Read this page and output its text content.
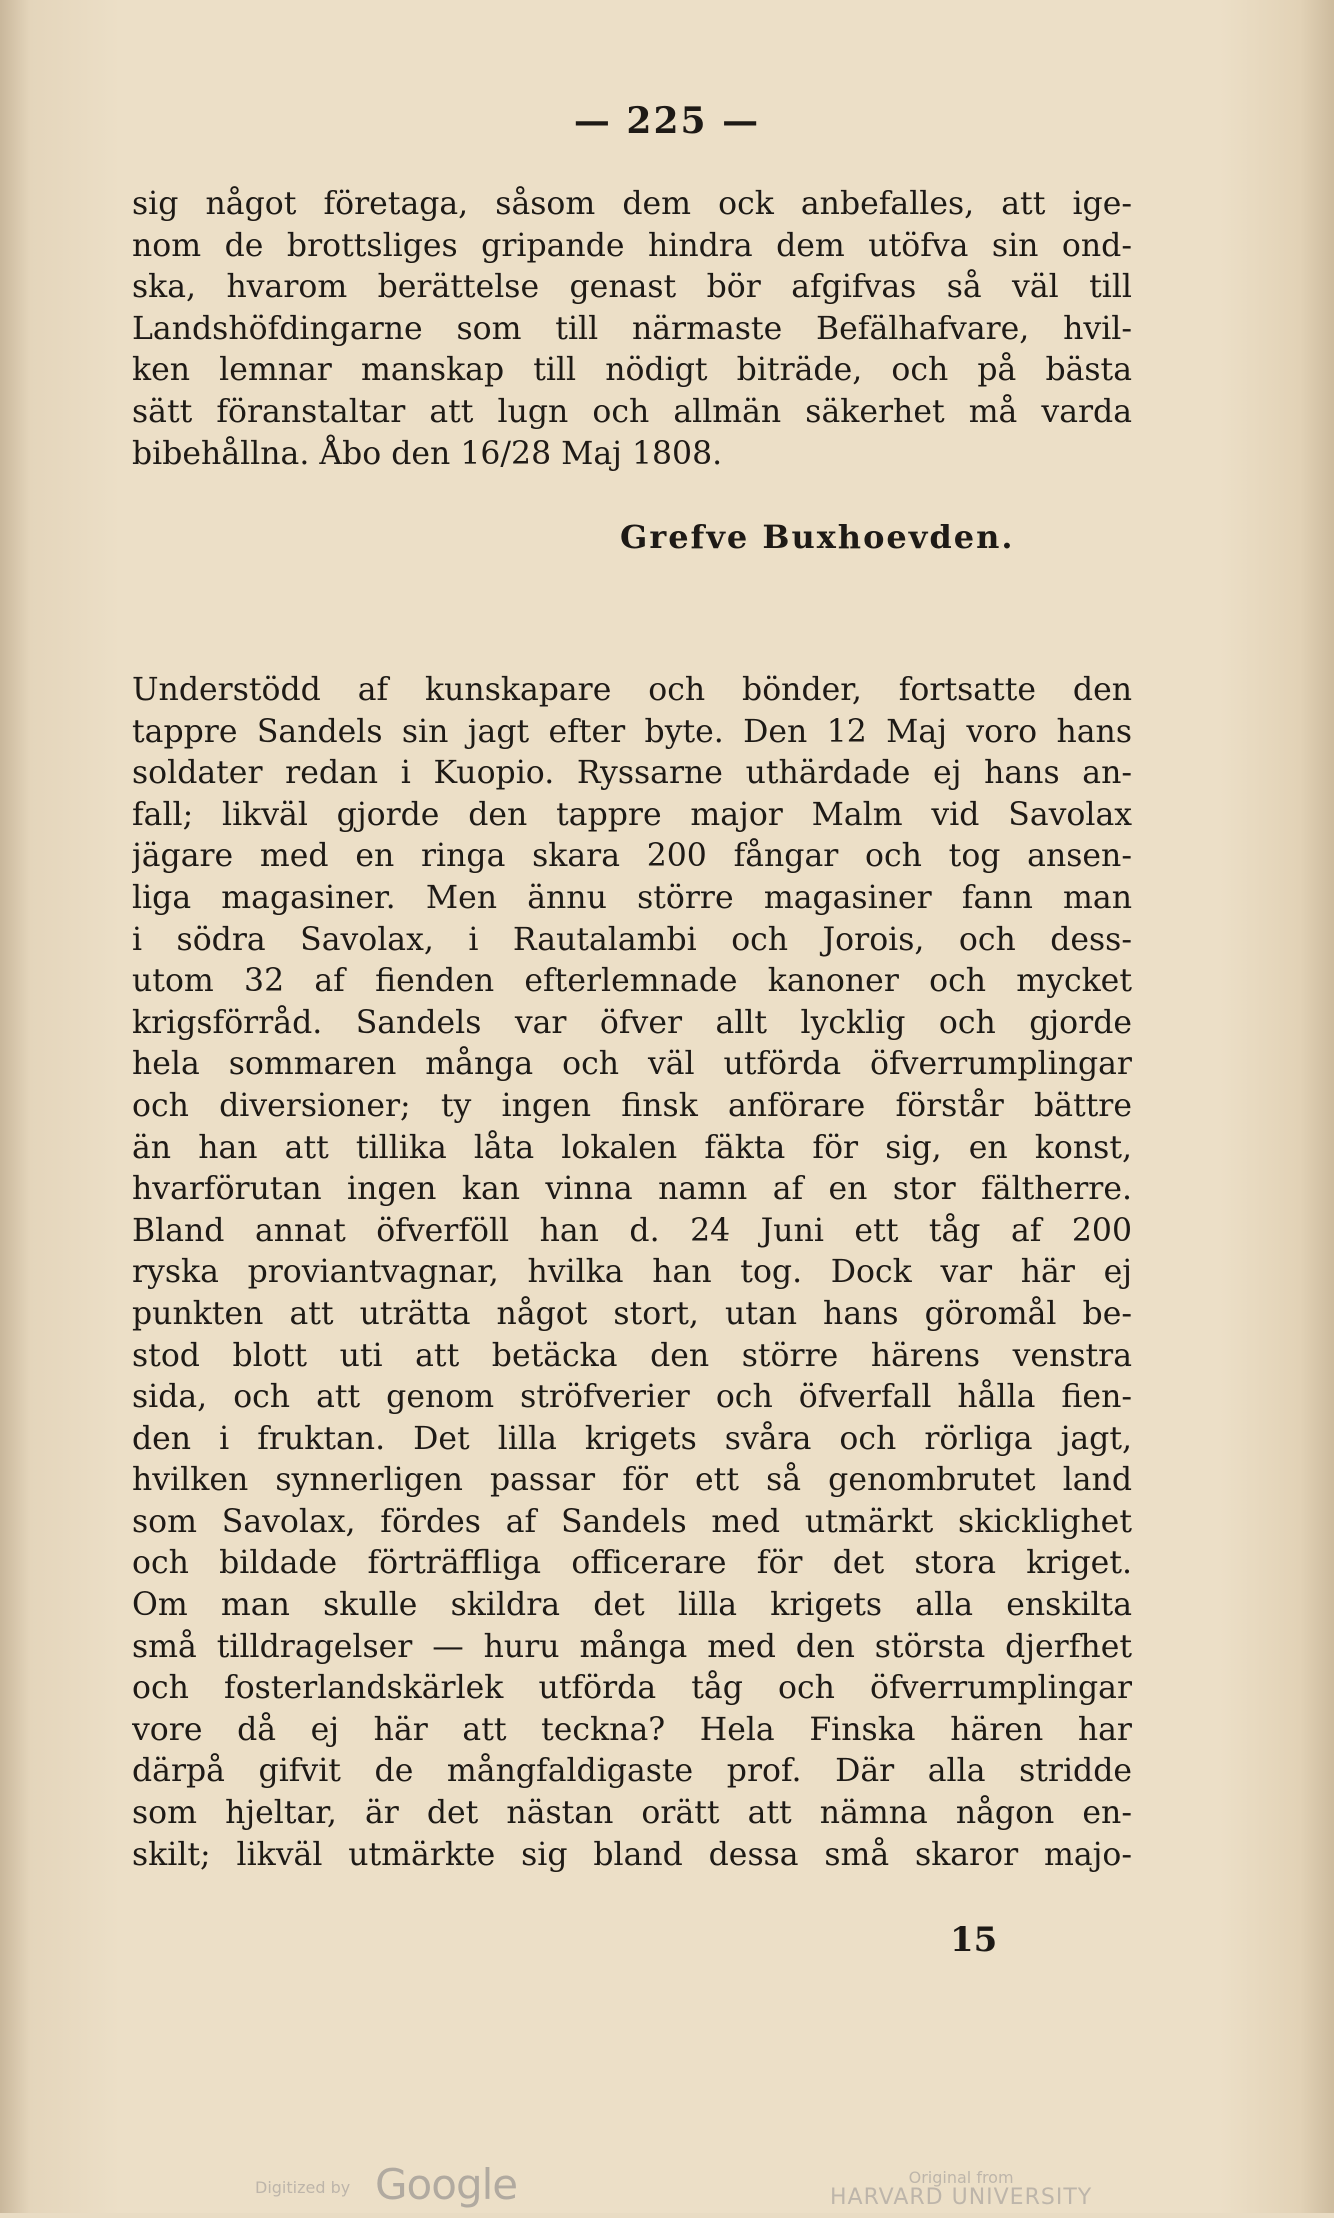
— 225 —
sig något företaga, såsom dem ock anbefalles, att ige-
nom de brottsliges gripande hindra dem utöfva sin ond-
ska, hvarom berättelse genast bör afgifvas så väl till
Landshöfdingarne som till närmaste Befälhafvare, hvil-
ken lemnar manskap till nödigt biträde, och på bästa
sätt föranstaltar att lugn och allmän säkerhet må varda
bibehållna. Åbo den 16/28 Maj 1808.
Grefve Buxhoevden.
Understödd af kunskapare och bönder, fortsatte den
tappre Sandels sin jagt efter byte. Den 12 Maj voro hans
soldater redan i Kuopio. Ryssarne uthärdade ej hans an-
fall; likväl gjorde den tappre major Malm vid Savolax
jägare med en ringa skara 200 fångar och tog ansen-
liga magasiner. Men ännu större magasiner fann man
i södra Savolax, i Rautalambi och Jorois, och dess-
utom 32 af fienden efterlemnade kanoner och mycket
krigsförråd. Sandels var öfver allt lycklig och gjorde
hela sommaren många och väl utförda öfverrumplingar
och diversioner; ty ingen finsk anförare förstår bättre
än han att tillika låta lokalen fäkta för sig, en konst,
hvarförutan ingen kan vinna namn af en stor fältherre.
Bland annat öfverföll han d. 24 Juni ett tåg af 200
ryska proviantvagnar, hvilka han tog. Dock var här ej
punkten att uträtta något stort, utan hans göromål be-
stod blott uti att betäcka den större härens venstra
sida, och att genom ströfverier och öfverfall hålla fien-
den i fruktan. Det lilla krigets svåra och rörliga jagt,
hvilken synnerligen passar för ett så genombrutet land
som Savolax, fördes af Sandels med utmärkt skicklighet
och bildade förträffliga officerare för det stora kriget.
Om man skulle skildra det lilla krigets alla enskilta
små tilldragelser — huru många med den största djerfhet
och fosterlandskärlek utförda tåg och öfverrumplingar
vore då ej här att teckna? Hela Finska hären har
därpå gifvit de mångfaldigaste prof. Där alla stridde
som hjeltar, är det nästan orätt att nämna någon en-
skilt; likväl utmärkte sig bland dessa små skaror majo-
15
Digitized by Google	Original from
HARVARD UNIVERSITY
